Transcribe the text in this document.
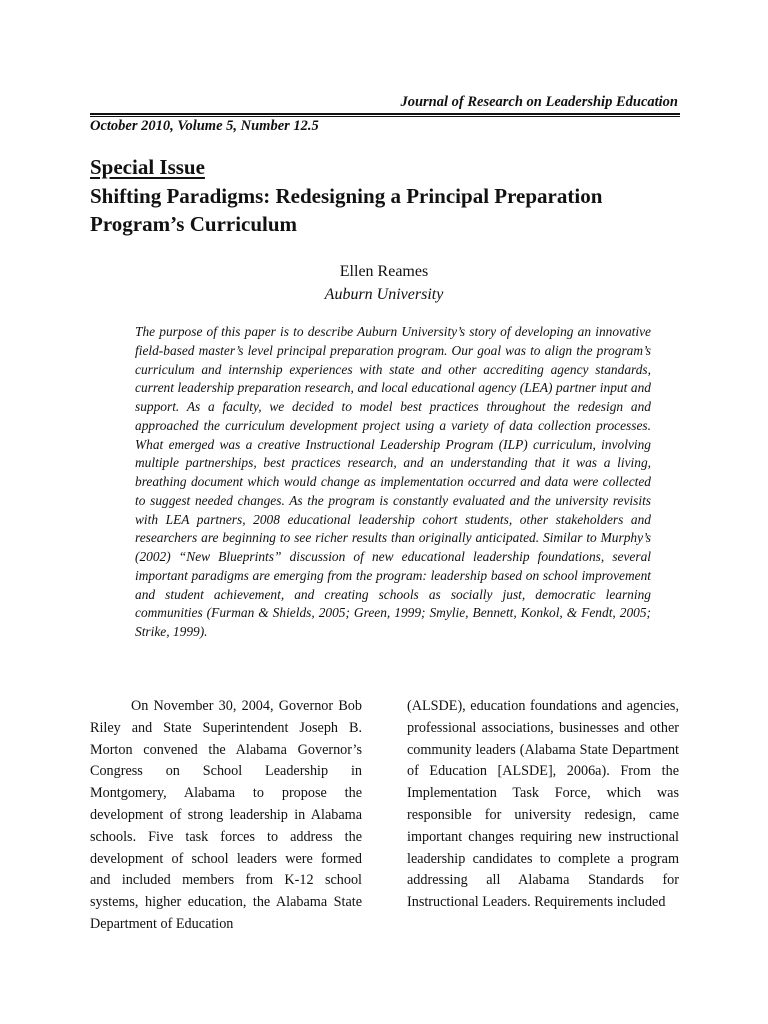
Journal of Research on Leadership Education
October 2010, Volume 5, Number 12.5
Special Issue
Shifting Paradigms: Redesigning a Principal Preparation Program’s Curriculum
Ellen Reames
Auburn University

The purpose of this paper is to describe Auburn University’s story of developing an innovative field-based master’s level principal preparation program. Our goal was to align the program’s curriculum and internship experiences with state and other accrediting agency standards, current leadership preparation research, and local educational agency (LEA) partner input and support. As a faculty, we decided to model best practices throughout the redesign and approached the curriculum development project using a variety of data collection processes. What emerged was a creative Instructional Leadership Program (ILP) curriculum, involving multiple partnerships, best practices research, and an understanding that it was a living, breathing document which would change as implementation occurred and data were collected to suggest needed changes. As the program is constantly evaluated and the university revisits with LEA partners, 2008 educational leadership cohort students, other stakeholders and researchers are beginning to see richer results than originally anticipated. Similar to Murphy’s (2002) “New Blueprints” discussion of new educational leadership foundations, several important paradigms are emerging from the program: leadership based on school improvement and student achievement, and creating schools as socially just, democratic learning communities (Furman & Shields, 2005; Green, 1999; Smylie, Bennett, Konkol, & Fendt, 2005; Strike, 1999).

On November 30, 2004, Governor Bob Riley and State Superintendent Joseph B. Morton convened the Alabama Governor’s Congress on School Leadership in Montgomery, Alabama to propose the development of strong leadership in Alabama schools. Five task forces to address the development of school leaders were formed and included members from K-12 school systems, higher education, the Alabama State Department of Education

(ALSDE), education foundations and agencies, professional associations, businesses and other community leaders (Alabama State Department of Education [ALSDE], 2006a). From the Implementation Task Force, which was responsible for university redesign, came important changes requiring new instructional leadership candidates to complete a program addressing all Alabama Standards for Instructional Leaders. Requirements included
